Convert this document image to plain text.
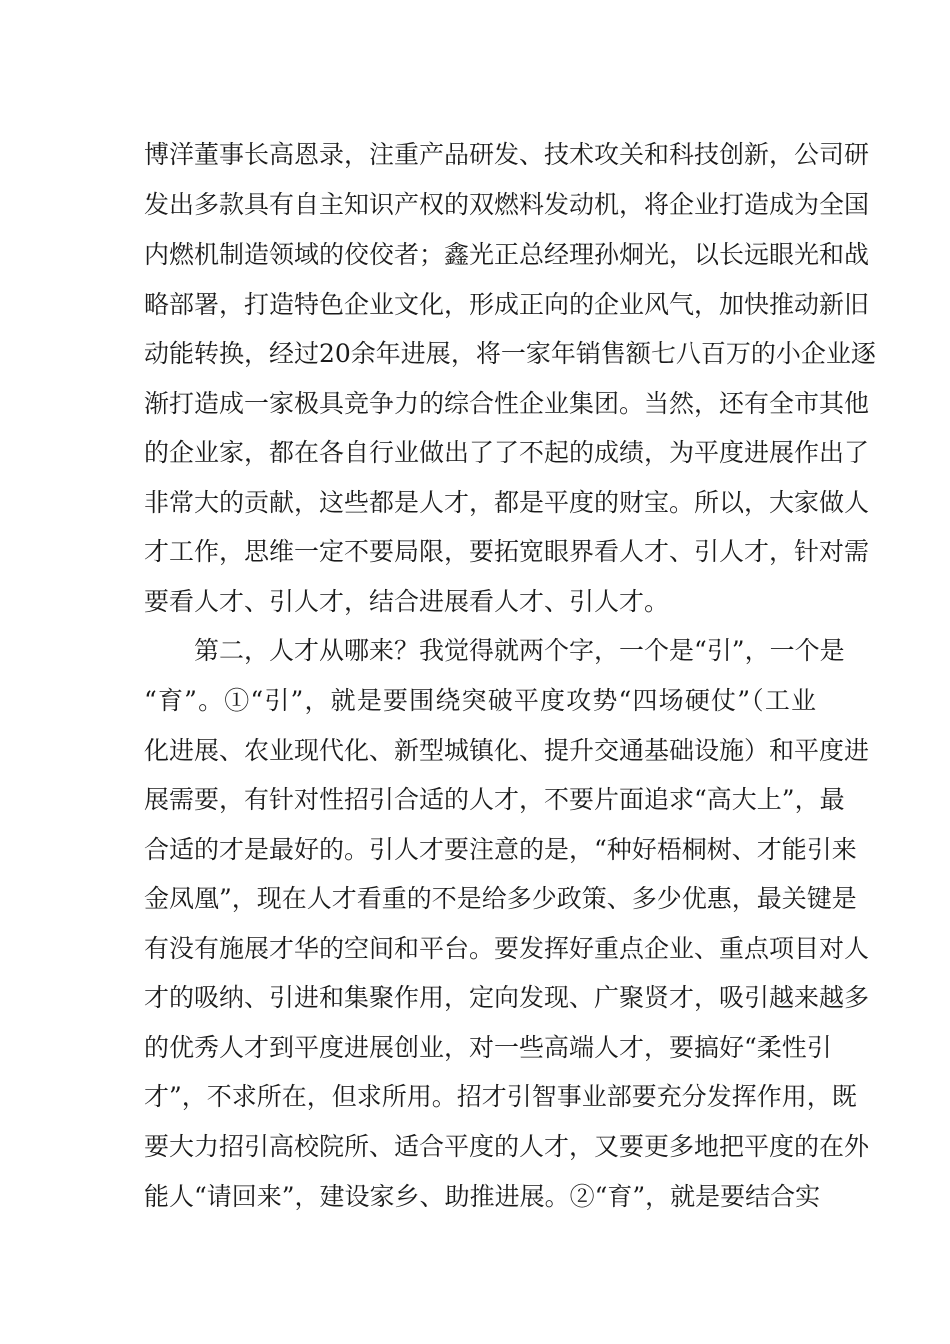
博洋董事长高恩录，注重产品研发、技术攻关和科技创新，公司研
发出多款具有自主知识产权的双燃料发动机，将企业打造成为全国
内燃机制造领域的佼佼者；鑫光正总经理孙炯光，以长远眼光和战
略部署，打造特色企业文化，形成正向的企业风气，加快推动新旧
动能转换，经过20余年进展，将一家年销售额七八百万的小企业逐
渐打造成一家极具竞争力的综合性企业集团。当然，还有全市其他
的企业家，都在各自行业做出了了不起的成绩，为平度进展作出了
非常大的贡献，这些都是人才，都是平度的财宝。所以，大家做人
才工作，思维一定不要局限，要拓宽眼界看人才、引人才，针对需
要看人才、引人才，结合进展看人才、引人才。
第二，人才从哪来？我觉得就两个字，一个是“引”，一个是
“育”。①“引”，就是要围绕突破平度攻势“四场硬仗”（工业
化进展、农业现代化、新型城镇化、提升交通基础设施）和平度进
展需要，有针对性招引合适的人才，不要片面追求“高大上”，最
合适的才是最好的。引人才要注意的是，“种好梧桐树、才能引来
金凤凰”，现在人才看重的不是给多少政策、多少优惠，最关键是
有没有施展才华的空间和平台。要发挥好重点企业、重点项目对人
才的吸纳、引进和集聚作用，定向发现、广聚贤才，吸引越来越多
的优秀人才到平度进展创业，对一些高端人才，要搞好“柔性引
才”，不求所在，但求所用。招才引智事业部要充分发挥作用，既
要大力招引高校院所、适合平度的人才，又要更多地把平度的在外
能人“请回来”，建设家乡、助推进展。②“育”，就是要结合实
